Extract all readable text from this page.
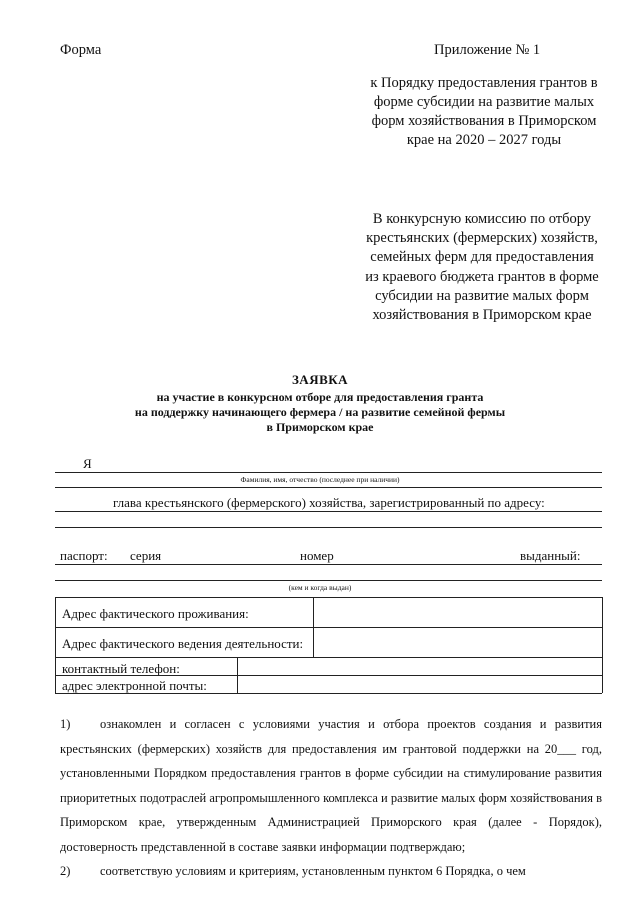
Форма	Приложение № 1
к Порядку предоставления грантов в форме субсидии на развитие малых форм хозяйствования в Приморском крае на 2020 – 2027 годы
В конкурсную комиссию по отбору крестьянских (фермерских) хозяйств, семейных ферм для предоставления из краевого бюджета грантов в форме субсидии на развитие малых форм хозяйствования в Приморском крае
ЗАЯВКА
на участие в конкурсном отборе для предоставления гранта
на поддержку начинающего фермера / на развитие семейной фермы
в Приморском крае
Я
Фамилия, имя, отчество (последнее при наличии)
глава крестьянского (фермерского) хозяйства, зарегистрированный по адресу:
паспорт: серия	номер	выданный:
(кем и когда выдан)
Адрес фактического проживания:
Адрес фактического ведения деятельности:
контактный телефон:
адрес электронной почты:

1) ознакомлен и согласен с условиями участия и отбора проектов создания и развития крестьянских (фермерских) хозяйств для предоставления им грантовой поддержки на 20___ год, установленными Порядком предоставления грантов в форме субсидии на стимулирование развития приоритетных подотраслей агропромышленного комплекса и развитие малых форм хозяйствования в Приморском крае, утвержденным Администрацией Приморского края (далее - Порядок), достоверность представленной в составе заявки информации подтверждаю;

2) соответствую условиям и критериям, установленным пунктом 6 Порядка, о чем
